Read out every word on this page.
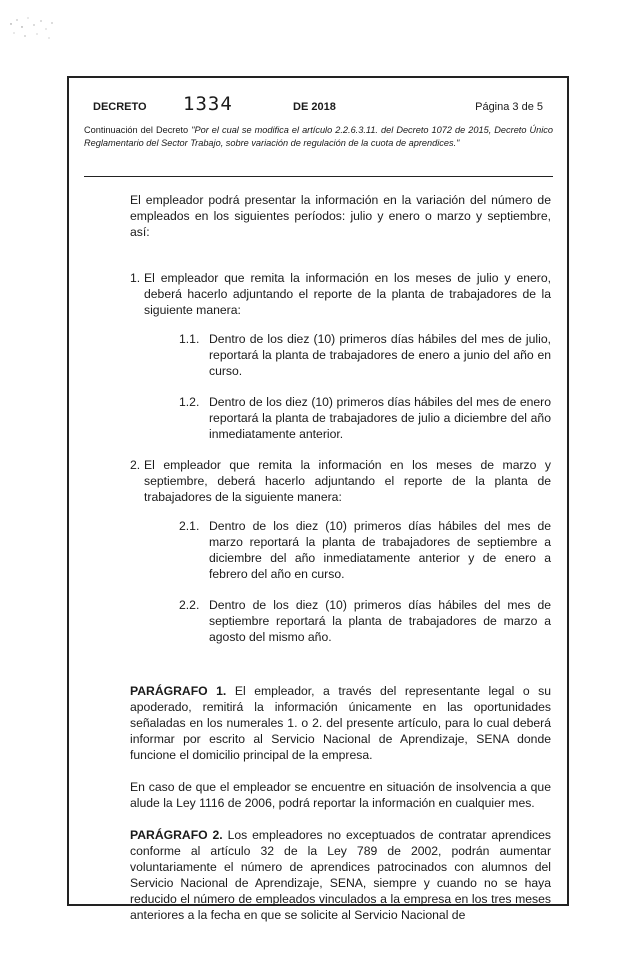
DECRETO 1334	DE 2018	Página 3 de 5
Continuación del Decreto "Por el cual se modifica el artículo 2.2.6.3.11. del Decreto 1072 de 2015, Decreto Único Reglamentario del Sector Trabajo, sobre variación de regulación de la cuota de aprendices."

El empleador podrá presentar la información en la variación del número de empleados en los siguientes períodos: julio y enero o marzo y septiembre, así:

1. El empleador que remita la información en los meses de julio y enero, deberá hacerlo adjuntando el reporte de la planta de trabajadores de la siguiente manera:
1.1. Dentro de los diez (10) primeros días hábiles del mes de julio, reportará la planta de trabajadores de enero a junio del año en curso.
1.2. Dentro de los diez (10) primeros días hábiles del mes de enero reportará la planta de trabajadores de julio a diciembre del año inmediatamente anterior.
2. El empleador que remita la información en los meses de marzo y septiembre, deberá hacerlo adjuntando el reporte de la planta de trabajadores de la siguiente manera:
2.1. Dentro de los diez (10) primeros días hábiles del mes de marzo reportará la planta de trabajadores de septiembre a diciembre del año inmediatamente anterior y de enero a febrero del año en curso.
2.2. Dentro de los diez (10) primeros días hábiles del mes de septiembre reportará la planta de trabajadores de marzo a agosto del mismo año.

PARÁGRAFO 1. El empleador, a través del representante legal o su apoderado, remitirá la información únicamente en las oportunidades señaladas en los numerales 1. o 2. del presente artículo, para lo cual deberá informar por escrito al Servicio Nacional de Aprendizaje, SENA donde funcione el domicilio principal de la empresa.

En caso de que el empleador se encuentre en situación de insolvencia a que alude la Ley 1116 de 2006, podrá reportar la información en cualquier mes.

PARÁGRAFO 2. Los empleadores no exceptuados de contratar aprendices conforme al artículo 32 de la Ley 789 de 2002, podrán aumentar voluntariamente el número de aprendices patrocinados con alumnos del Servicio Nacional de Aprendizaje, SENA, siempre y cuando no se haya reducido el número de empleados vinculados a la empresa en los tres meses anteriores a la fecha en que se solicite al Servicio Nacional de
